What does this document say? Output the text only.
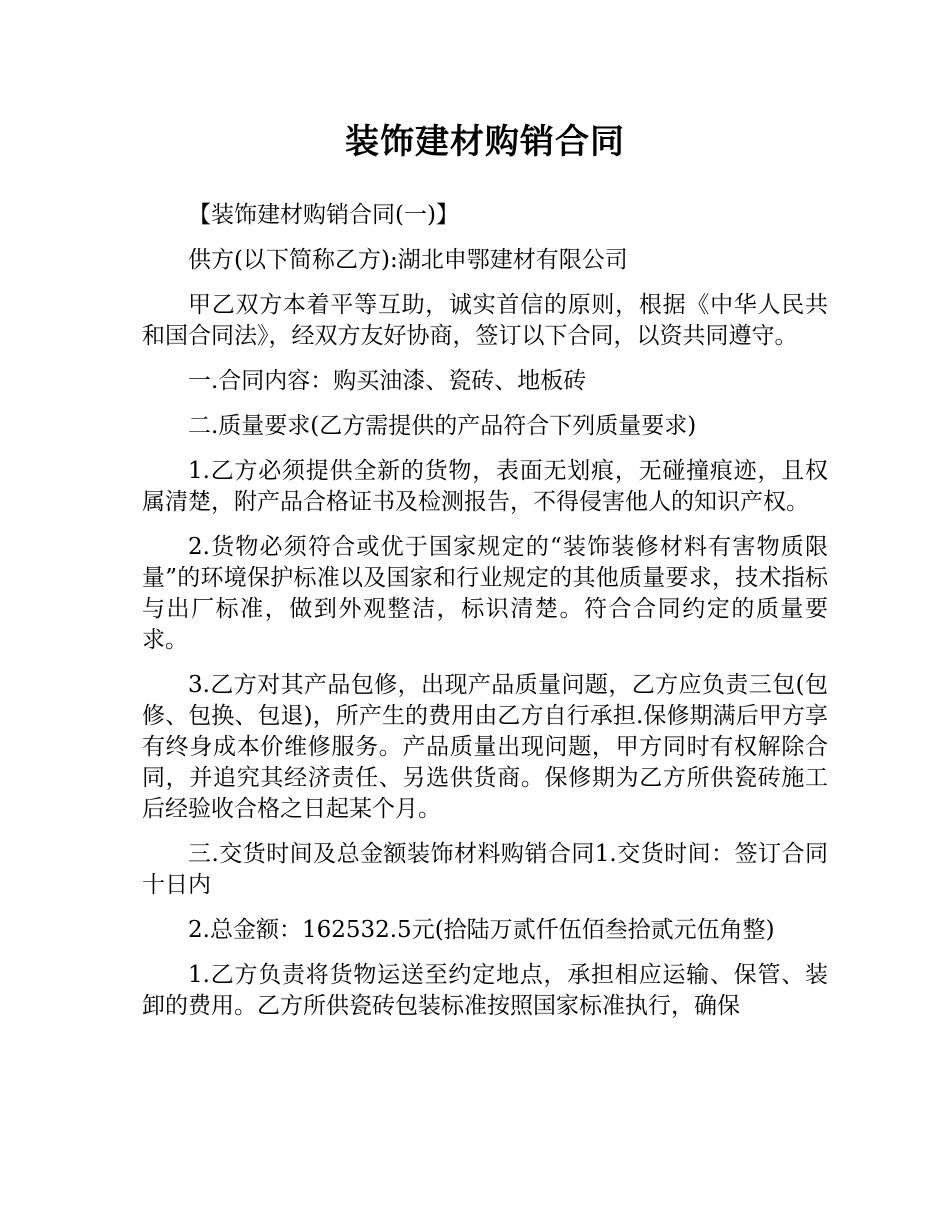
装饰建材购销合同

【装饰建材购销合同(一)】

供方(以下简称乙方):湖北申鄂建材有限公司

甲乙双方本着平等互助，诚实首信的原则，根据《中华人民共和国合同法》，经双方友好协商，签订以下合同，以资共同遵守。

一.合同内容：购买油漆、瓷砖、地板砖

二.质量要求(乙方需提供的产品符合下列质量要求)

1.乙方必须提供全新的货物，表面无划痕，无碰撞痕迹，且权属清楚，附产品合格证书及检测报告，不得侵害他人的知识产权。

2.货物必须符合或优于国家规定的“装饰装修材料有害物质限量”的环境保护标准以及国家和行业规定的其他质量要求，技术指标与出厂标准，做到外观整洁，标识清楚。符合合同约定的质量要求。

3.乙方对其产品包修，出现产品质量问题，乙方应负责三包(包修、包换、包退)，所产生的费用由乙方自行承担.保修期满后甲方享有终身成本价维修服务。产品质量出现问题，甲方同时有权解除合同，并追究其经济责任、另选供货商。保修期为乙方所供瓷砖施工后经验收合格之日起某个月。

三.交货时间及总金额装饰材料购销合同1.交货时间：签订合同十日内

2.总金额：162532.5元(拾陆万贰仟伍佰叁拾贰元伍角整)

1.乙方负责将货物运送至约定地点，承担相应运输、保管、装卸的费用。乙方所供瓷砖包装标准按照国家标准执行，确保
